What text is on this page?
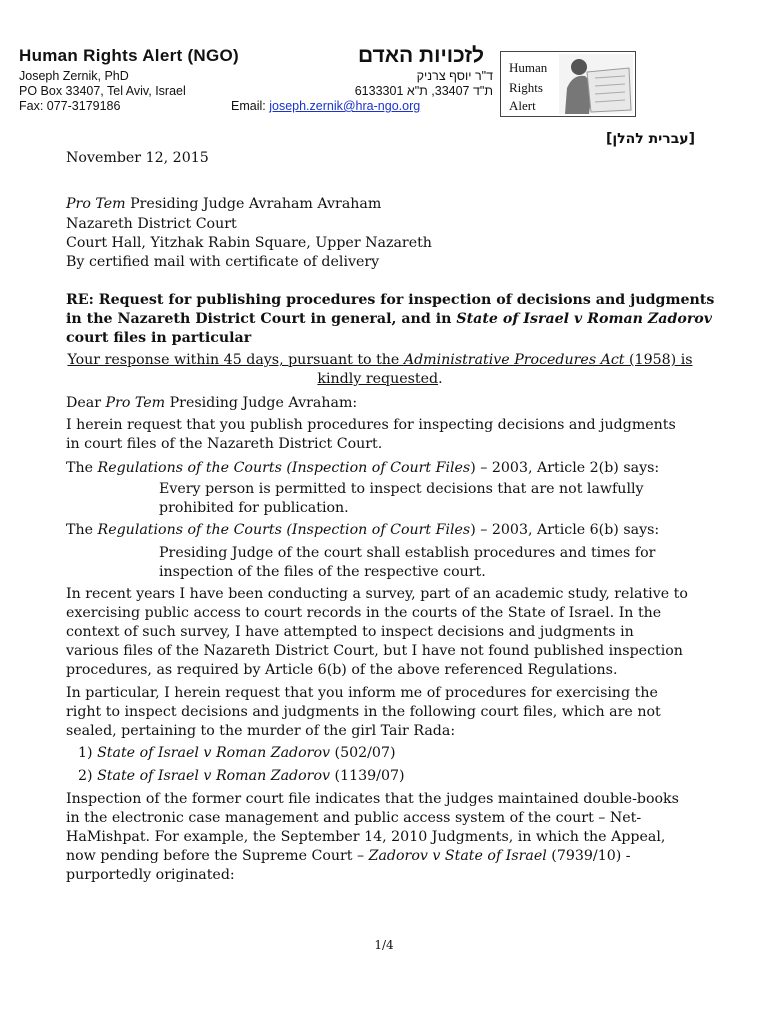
Human Rights Alert (NGO)	לזכויות האדם
Joseph Zernik, PhD
PO Box 33407, Tel Aviv, Israel
Fax: 077-3179186
ד"ר יוסף צרניק
ת"ד 33407, ת"א 6133301
Email: joseph.zernik@hra-ngo.org
Human
Rights
Alert
[עברית להלן]
November 12, 2015
Pro Tem Presiding Judge Avraham Avraham
Nazareth District Court
Court Hall, Yitzhak Rabin Square, Upper Nazareth
By certified mail with certificate of delivery
RE: Request for publishing procedures for inspection of decisions and judgments
in the Nazareth District Court in general, and in State of Israel v Roman Zadorov
court files in particular
Your response within 45 days, pursuant to the Administrative Procedures Act (1958) is
kindly requested.
Dear Pro Tem Presiding Judge Avraham:
I herein request that you publish procedures for inspecting decisions and judgments
in court files of the Nazareth District Court.
The Regulations of the Courts (Inspection of Court Files) – 2003, Article 2(b) says:
Every person is permitted to inspect decisions that are not lawfully
prohibited for publication.
The Regulations of the Courts (Inspection of Court Files) – 2003, Article 6(b) says:
Presiding Judge of the court shall establish procedures and times for
inspection of the files of the respective court.
In recent years I have been conducting a survey, part of an academic study, relative to
exercising public access to court records in the courts of the State of Israel. In the
context of such survey, I have attempted to inspect decisions and judgments in
various files of the Nazareth District Court, but I have not found published inspection
procedures, as required by Article 6(b) of the above referenced Regulations.
In particular, I herein request that you inform me of procedures for exercising the
right to inspect decisions and judgments in the following court files, which are not
sealed, pertaining to the murder of the girl Tair Rada:
1) State of Israel v Roman Zadorov (502/07)
2) State of Israel v Roman Zadorov (1139/07)
Inspection of the former court file indicates that the judges maintained double-books
in the electronic case management and public access system of the court – Net-
HaMishpat. For example, the September 14, 2010 Judgments, in which the Appeal,
now pending before the Supreme Court – Zadorov v State of Israel (7939/10) -
purportedly originated:
1/4
